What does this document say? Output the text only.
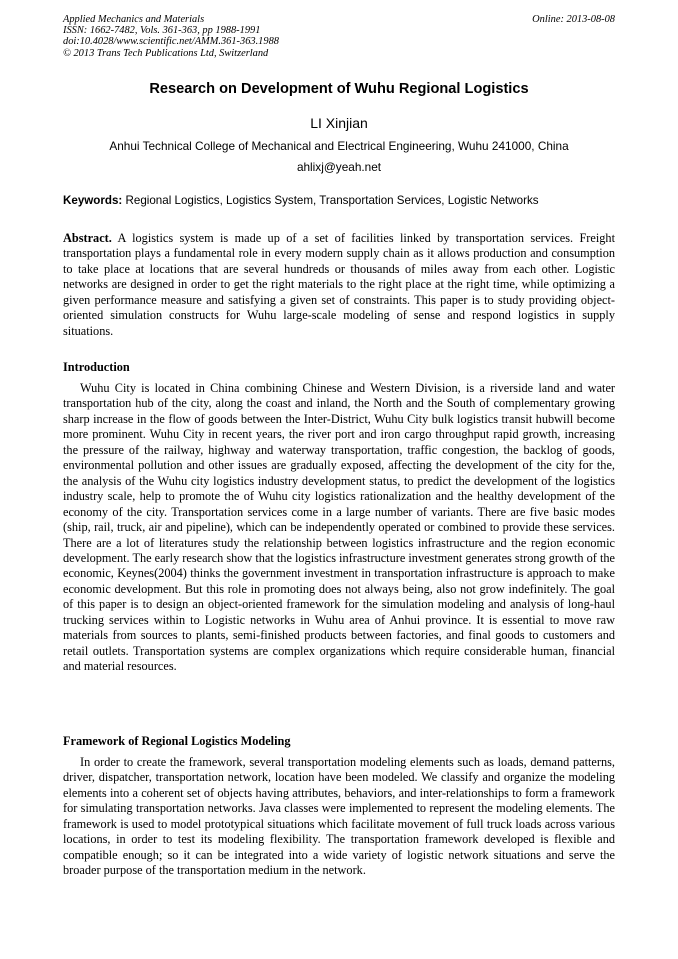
Applied Mechanics and Materials
ISSN: 1662-7482, Vols. 361-363, pp 1988-1991
doi:10.4028/www.scientific.net/AMM.361-363.1988
© 2013 Trans Tech Publications Ltd, Switzerland
Online: 2013-08-08
Research on Development of Wuhu Regional Logistics
LI Xinjian
Anhui Technical College of Mechanical and Electrical Engineering, Wuhu 241000, China
ahlixj@yeah.net
Keywords: Regional Logistics, Logistics System, Transportation Services, Logistic Networks

Abstract. A logistics system is made up of a set of facilities linked by transportation services. Freight transportation plays a fundamental role in every modern supply chain as it allows production and consumption to take place at locations that are several hundreds or thousands of miles away from each other. Logistic networks are designed in order to get the right materials to the right place at the right time, while optimizing a given performance measure and satisfying a given set of constraints. This paper is to study providing object-oriented simulation constructs for Wuhu large-scale modeling of sense and respond logistics in supply situations.

Introduction

Wuhu City is located in China combining Chinese and Western Division, is a riverside land and water transportation hub of the city, along the coast and inland, the North and the South of complementary growing sharp increase in the flow of goods between the Inter-District, Wuhu City bulk logistics transit hubwill become more prominent. Wuhu City in recent years, the river port and iron cargo throughput rapid growth, increasing the pressure of the railway, highway and waterway transportation, traffic congestion, the backlog of goods, environmental pollution and other issues are gradually exposed, affecting the development of the city for the, the analysis of the Wuhu city logistics industry development status, to predict the development of the logistics industry scale, help to promote the of Wuhu city logistics rationalization and the healthy development of the economy of the city. Transportation services come in a large number of variants. There are five basic modes (ship, rail, truck, air and pipeline), which can be independently operated or combined to provide these services. There are a lot of literatures study the relationship between logistics infrastructure and the region economic development. The early research show that the logistics infrastructure investment generates strong growth of the economic, Keynes(2004) thinks the government investment in transportation infrastructure is approach to make economic development. But this role in promoting does not always being, also not grow indefinitely. The goal of this paper is to design an object-oriented framework for the simulation modeling and analysis of long-haul trucking services within to Logistic networks in Wuhu area of Anhui province. It is essential to move raw materials from sources to plants, semi-finished products between factories, and final goods to customers and retail outlets. Transportation systems are complex organizations which require considerable human, financial and material resources.

Framework of Regional Logistics Modeling

In order to create the framework, several transportation modeling elements such as loads, demand patterns, driver, dispatcher, transportation network, location have been modeled. We classify and organize the modeling elements into a coherent set of objects having attributes, behaviors, and inter-relationships to form a framework for simulating transportation networks. Java classes were implemented to represent the modeling elements. The framework is used to model prototypical situations which facilitate movement of full truck loads across various locations, in order to test its modeling flexibility. The transportation framework developed is flexible and compatible enough; so it can be integrated into a wide variety of logistic network situations and serve the broader purpose of the transportation medium in the network.
